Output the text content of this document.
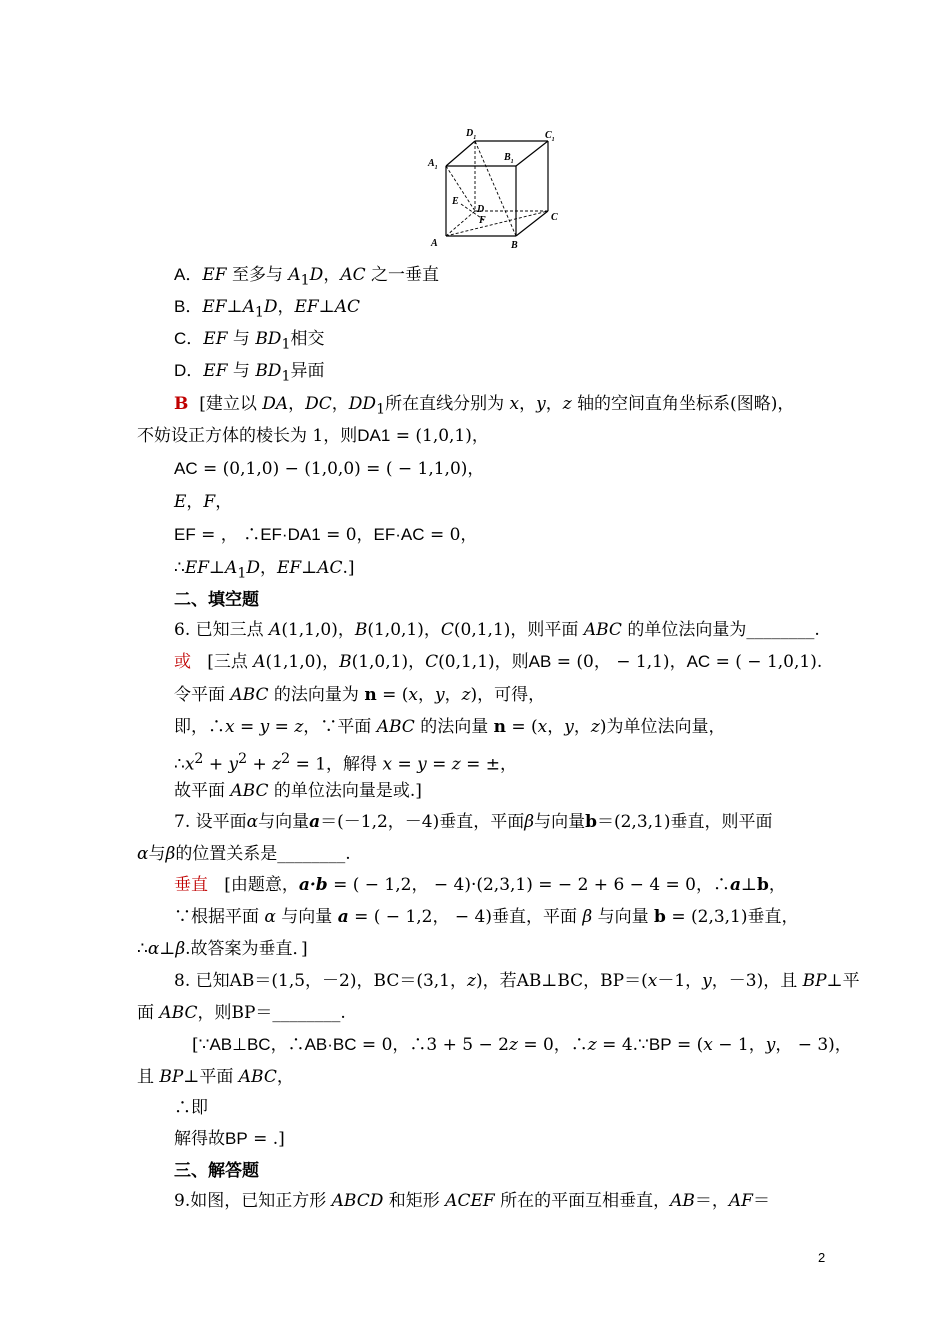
$D_1$	$C_1$
$A_1$
$B_1$
E
D
F	C
A	B
A．EF 至多与 $A_1D$，AC 之一垂直
B．$EF\perp A_1D$，EF⊥AC
C．EF 与 $BD_1$相交
D．EF 与 $BD_1$异面
B [建立以 DA，DC，$DD_1$所在直线分别为 x，y，z 轴的空间直角坐标系(图略)，
不妨设正方体的棱长为 1，则DA1 = (1,0,1)，
AC = (0,1,0) − (1,0,0) = ( − 1,1,0)，
E，F，
EF = ， ∴EF·DA1 = 0，EF·AC = 0，
$\therefore EF\perp A_1D$，EF⊥AC.]
二、填空题
6. 已知三点 A(1,1,0)，B(1,0,1)，C(0,1,1)，则平面 ABC 的单位法向量为________.
或 [三点 A(1,1,0)，B(1,0,1)，C(0,1,1)，则AB = (0， − 1,1)，AC = ( − 1,0,1).
令平面 ABC 的法向量为 n = (x，y，z)，可得，
即，∴x = y = z，∵平面 ABC 的法向量 n = (x，y，z)为单位法向量，
$\therefore x^2 + y^2 + z^2 = 1$，解得 x = y = z = ±，
故平面 ABC 的单位法向量是或.]
7. 设平面α与向量a＝(－1,2，－4)垂直，平面β与向量b＝(2,3,1)垂直，则平面
α与β的位置关系是________.
垂直 [由题意，a·b = ( − 1,2， − 4)·(2,3,1) = − 2 + 6 − 4 = 0，∴a⊥b，
∵根据平面 α 与向量 a = ( − 1,2， − 4)垂直，平面 β 与向量 b = (2,3,1)垂直，
∴α⊥β.故答案为垂直．]
8. 已知AB＝(1,5，－2)，BC＝(3,1，z)，若AB⊥BC，BP＝(x－1，y，－3)，且 BP⊥平
面 ABC，则BP＝________.
[∵AB⊥BC，∴AB·BC = 0，∴3 + 5 − 2z = 0，∴z = 4.∵BP = (x − 1，y， − 3)，
且 BP⊥平面 ABC，
∴即
解得故BP = .]
三、解答题
9.如图，已知正方形 ABCD 和矩形 ACEF 所在的平面互相垂直，AB＝，AF＝
2
